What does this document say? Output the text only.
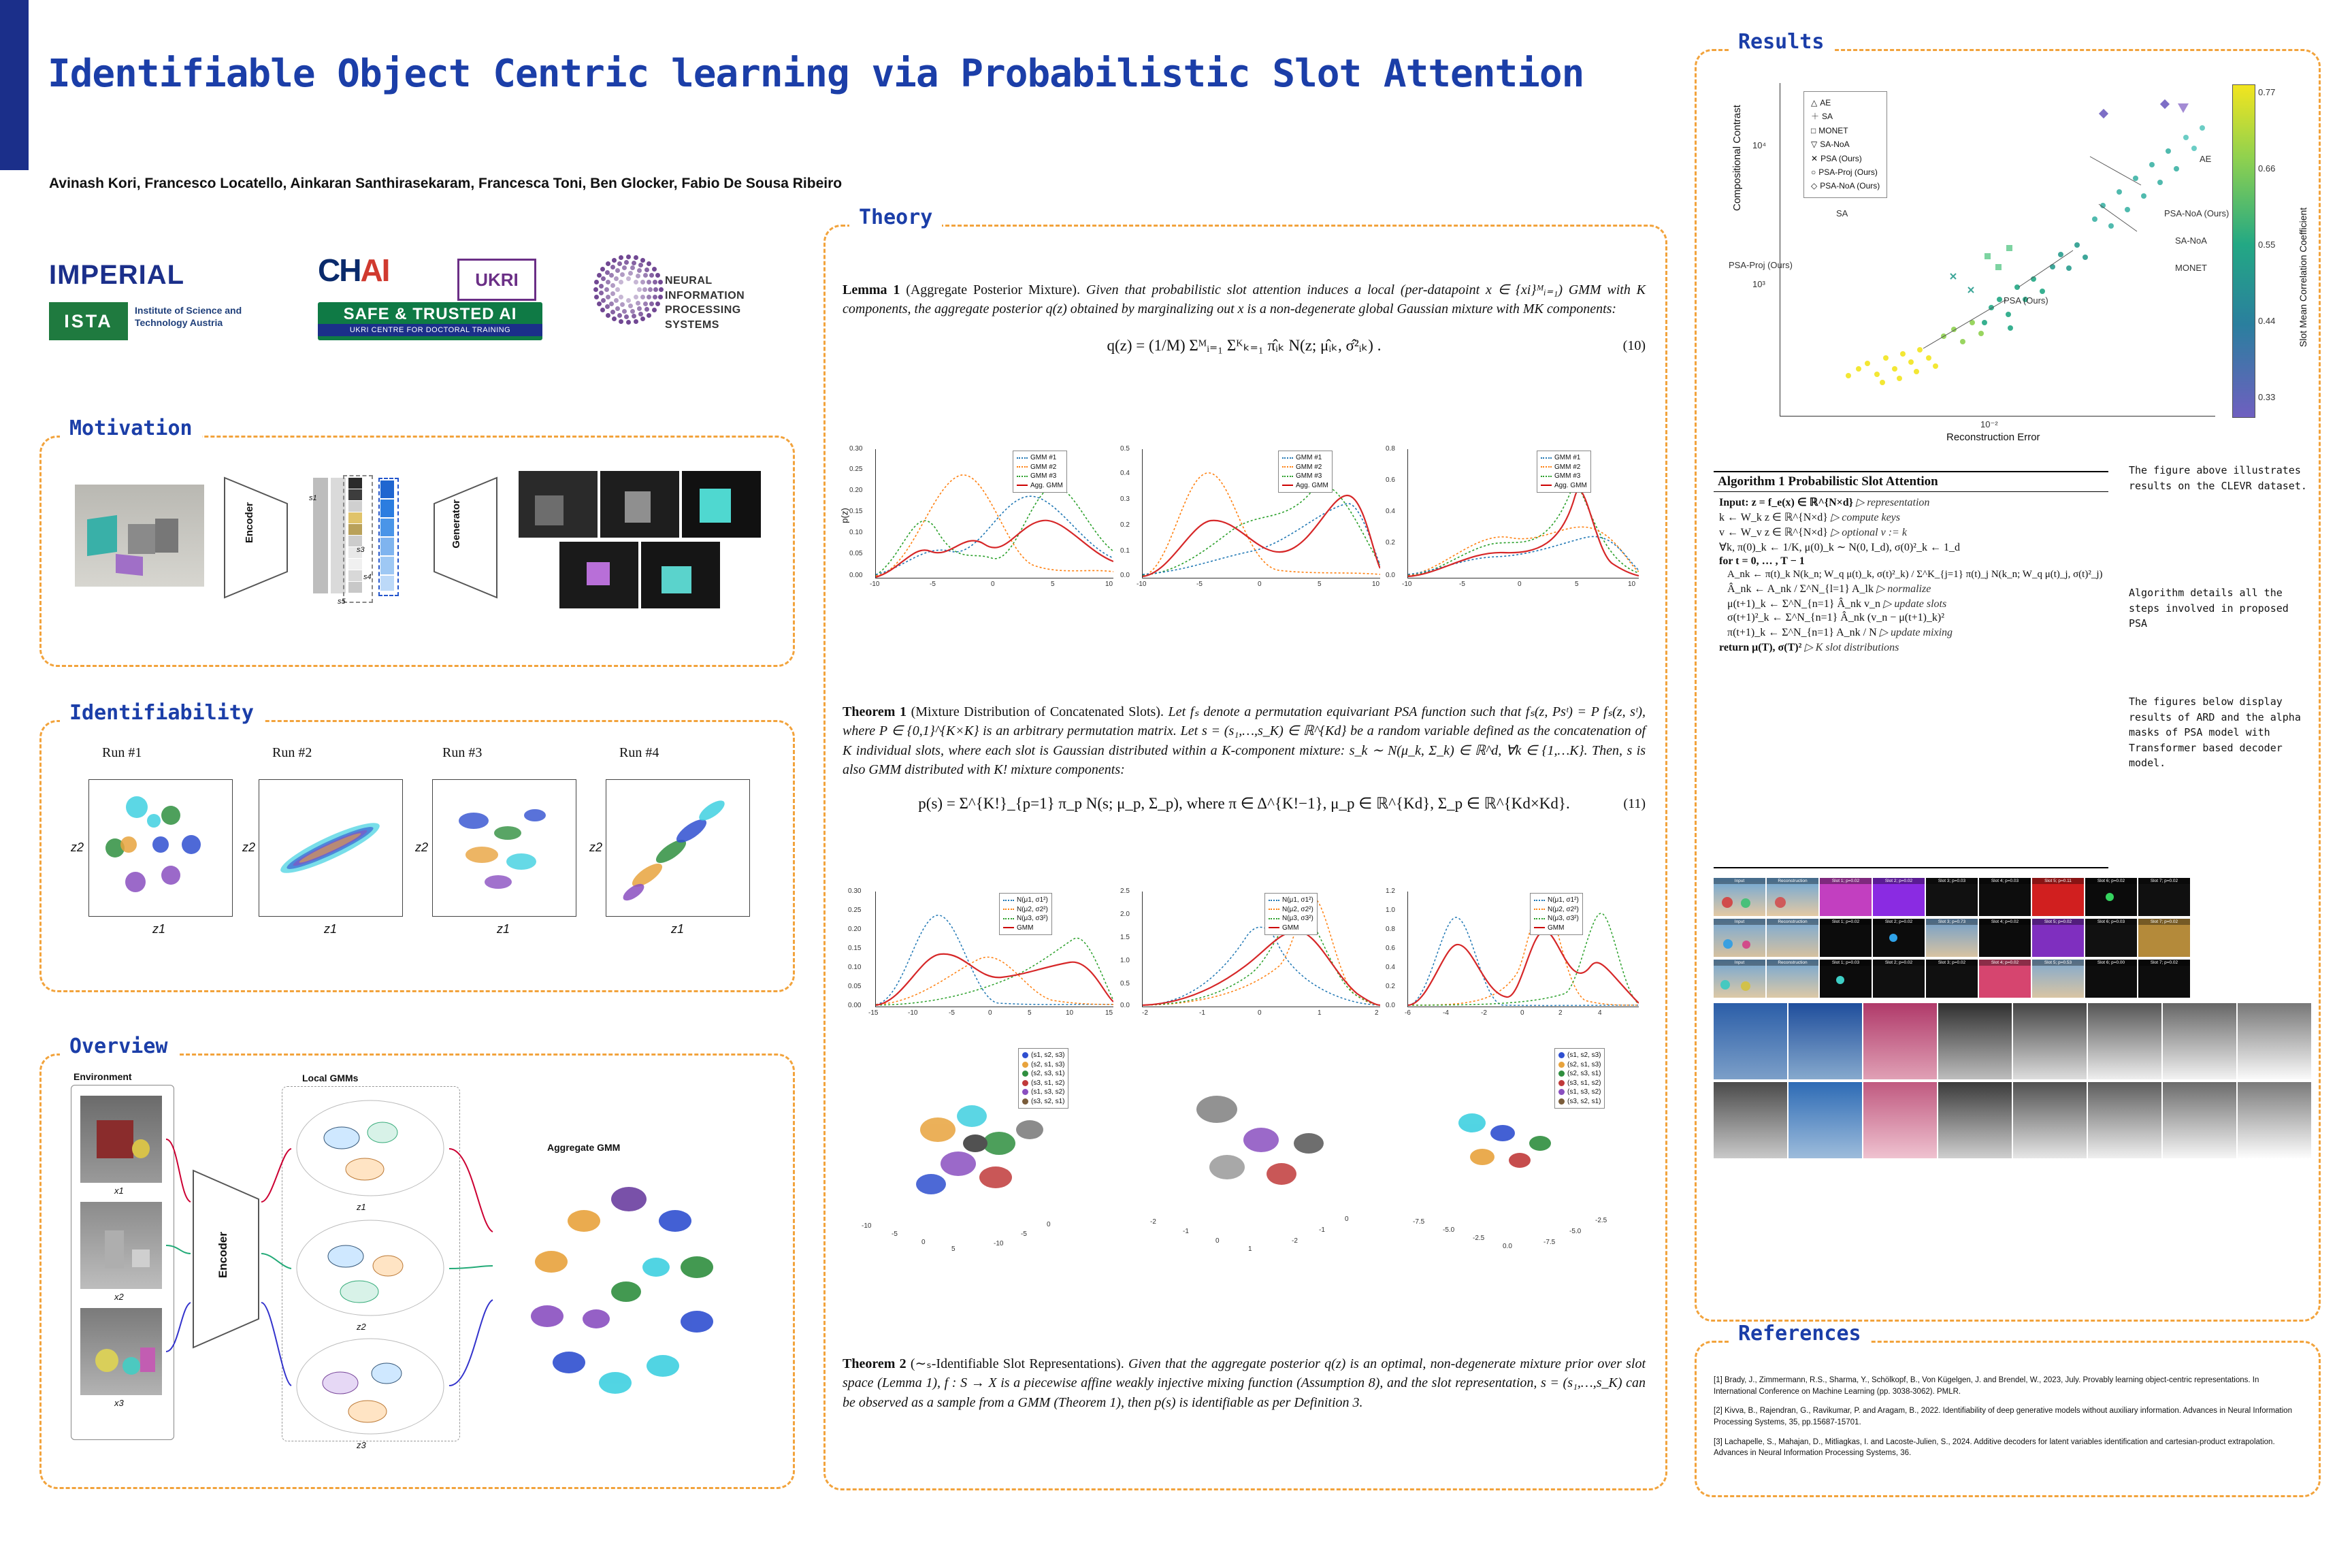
Identifiable Object Centric learning via Probabilistic Slot Attention
Avinash Kori, Francesco Locatello, Ainkaran Santhirasekaram, Francesca Toni, Ben Glocker, Fabio De Sousa Ribeiro
IMPERIAL	CHAI	UKRI	NEURAL INFORMATION
PROCESSING SYSTEMS
ISTA
Institute of Science and Technology Austria	SAFE & TRUSTED AI
UKRI CENTRE FOR DOCTORAL TRAINING
Motivation
Encoder
s1
s3
s4
s5
Generator
Identifiability
Run #1	Run #2	Run #3	Run #4
z2	z2	z2	z2
z1	z1	z1	z1
Overview
Environment
x1
x2
x3
Encoder
Local GMMs
z1
z2
z3
Aggregate GMM
Theory
Lemma 1 (Aggregate Posterior Mixture). Given that probabilistic slot attention induces a local (per-datapoint x ∈ {xi}ᴹᵢ₌₁) GMM with K components, the aggregate posterior q(z) obtained by marginalizing out x is a non-degenerate global Gaussian mixture with MK components:
q(z) = (1/M) Σᴹᵢ₌₁ Σᴷₖ₌₁ π̂ᵢₖ N(z; μ̂ᵢₖ, σ̂²ᵢₖ) .	(10)
0.30
0.25
0.20
0.15
0.10
0.05
0.00
-10	-5	0	5	10
p(z)
GMM #1
GMM #2
GMM #3
Agg. GMM
0.5
0.4
0.3
0.2
0.1
0.0
-10	-5	0	5	10
GMM #1
GMM #2
GMM #3
Agg. GMM
0.8
0.6
0.4
0.2
0.0
-10	-5	0	5	10
GMM #1
GMM #2
GMM #3
Agg. GMM
Theorem 1 (Mixture Distribution of Concatenated Slots). Let fₛ denote a permutation equivariant PSA function such that fₛ(z, Psᵗ) = P fₛ(z, sᵗ), where P ∈ {0,1}^{K×K} is an arbitrary permutation matrix. Let s = (s₁,…,s_K) ∈ ℝ^{Kd} be a random variable defined as the concatenation of K individual slots, where each slot is Gaussian distributed within a K-component mixture: s_k ∼ N(μ_k, Σ_k) ∈ ℝ^d, ∀k ∈ {1,…K}. Then, s is also GMM distributed with K! mixture components:
p(s) = Σ^{K!}_{p=1} π_p N(s; μ_p, Σ_p), where π ∈ Δ^{K!−1}, μ_p ∈ ℝ^{Kd}, Σ_p ∈ ℝ^{Kd×Kd}.	(11)
0.30
0.25
0.20
0.15
0.10
0.05
0.00
-15	-10	-5	0	5	10	15
N(μ1, σ1²)
N(μ2, σ2²)
N(μ3, σ3²)
GMM
2.5
2.0
1.5
1.0
0.5
0.0
-2	-1	0	1	2
N(μ1, σ1²)
N(μ2, σ2²)
N(μ3, σ3²)
GMM
1.2
1.0
0.8
0.6
0.4
0.2
0.0
-6	-4	-2	0	2	4
N(μ1, σ1²)
N(μ2, σ2²)
N(μ3, σ3²)
GMM
(s1, s2, s3)
(s2, s1, s3)
(s2, s3, s1)
(s3, s1, s2)
(s1, s3, s2)
(s3, s2, s1)
-10
-5
0
5
-10
-5
0	-2
-1
0
1
-2
-1
0
(s1, s2, s3)
(s2, s1, s3)
(s2, s3, s1)
(s3, s1, s2)
(s1, s3, s2)
(s3, s2, s1)
-7.5
-5.0
-2.5
0.0
-7.5
-5.0
-2.5
Theorem 2 (∼ₛ-Identifiable Slot Representations). Given that the aggregate posterior q(z) is an optimal, non-degenerate mixture prior over slot space (Lemma 1), f : S → X is a piecewise affine weakly injective mixing function (Assumption 8), and the slot representation, s = (s₁,…,s_K) can be observed as a sample from a GMM (Theorem 1), then p(s) is identifiable as per Definition 3.
Results
Compositional Contrast
Reconstruction Error
10⁴
10³
10⁻²
△ AE
＋ SA
□ MONET
▽ SA-NoA
✕ PSA (Ours)
○ PSA-Proj (Ours)
◇ PSA-NoA (Ours)
AE
SA	PSA-NoA (Ours)
SA-NoA
MONET
PSA-Proj (Ours)
PSA (Ours)
0.77
0.66
0.55
0.44
0.33
Slot Mean Correlation Coefficient
Algorithm 1 Probabilistic Slot Attention
Input: z = f_e(x) ∈ ℝ^{N×d} ▷ representation
k ← W_k z ∈ ℝ^{N×d} ▷ compute keys
v ← W_v z ∈ ℝ^{N×d} ▷ optional v := k
∀k, π(0)_k ← 1/K, μ(0)_k ∼ N(0, I_d), σ(0)²_k ← 1_d
for t = 0, … , T − 1
A_nk ← π(t)_k N(k_n; W_q μ(t)_k, σ(t)²_k) / Σ^K_{j=1} π(t)_j N(k_n; W_q μ(t)_j, σ(t)²_j)
Â_nk ← A_nk / Σ^N_{l=1} A_lk ▷ normalize
μ(t+1)_k ← Σ^N_{n=1} Â_nk v_n ▷ update slots
σ(t+1)²_k ← Σ^N_{n=1} Â_nk (v_n − μ(t+1)_k)²
π(t+1)_k ← Σ^N_{n=1} A_nk / N ▷ update mixing
return μ(T), σ(T)² ▷ K slot distributions
The figure above illustrates results on the CLEVR dataset.
Algorithm details all the steps involved in proposed PSA
The figures below display results of ARD and the alpha masks of PSA model with Transformer based decoder model.
Input	Reconstruction	Slot 1; p=0.02	Slot 2; p=0.02	Slot 3; p=0.03	Slot 4; p=0.03	Slot 5; p=0.11	Slot 6; p=0.02	Slot 7; p=0.02
Input	Reconstruction	Slot 1; p=0.02	Slot 2; p=0.02	Slot 3; p=0.73	Slot 4; p=0.02	Slot 5; p=0.02	Slot 6; p=0.03	Slot 7; p=0.02
Input	Reconstruction	Slot 1; p=0.03	Slot 2; p=0.02	Slot 3; p=0.02	Slot 4; p=0.02	Slot 5; p=0.53	Slot 6; p=0.00	Slot 7; p=0.02
References
[1] Brady, J., Zimmermann, R.S., Sharma, Y., Schölkopf, B., Von Kügelgen, J. and Brendel, W., 2023, July. Provably learning object-centric representations. In International Conference on Machine Learning (pp. 3038-3062). PMLR.
[2] Kivva, B., Rajendran, G., Ravikumar, P. and Aragam, B., 2022. Identifiability of deep generative models without auxiliary information. Advances in Neural Information Processing Systems, 35, pp.15687-15701.
[3] Lachapelle, S., Mahajan, D., Mitliagkas, I. and Lacoste-Julien, S., 2024. Additive decoders for latent variables identification and cartesian-product extrapolation. Advances in Neural Information Processing Systems, 36.
